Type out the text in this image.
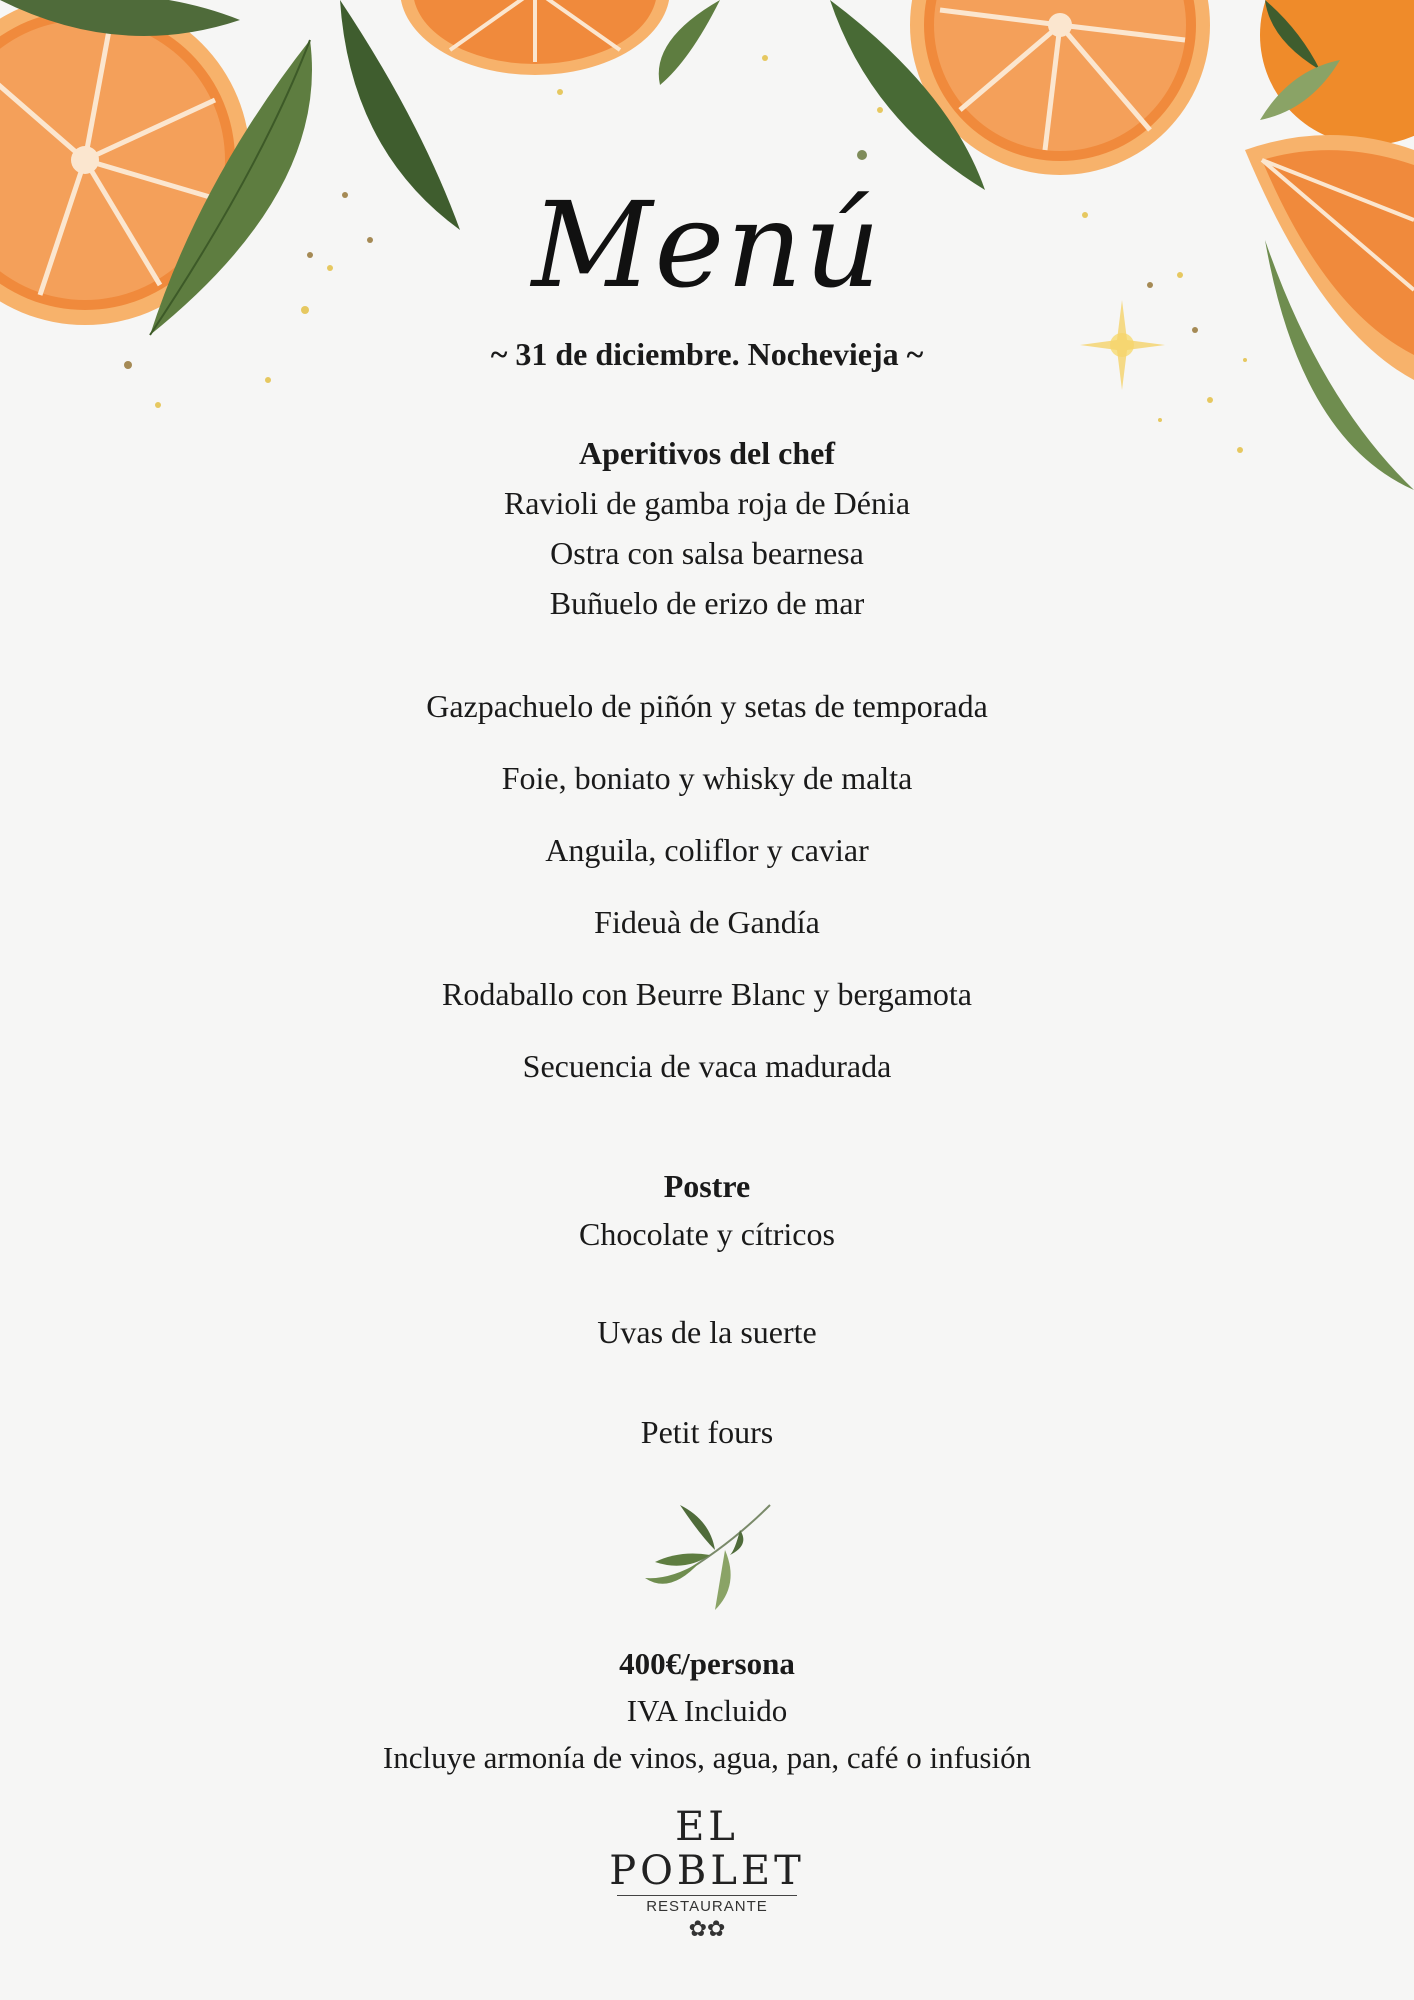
Menú
~ 31 de diciembre. Nochevieja ~
Aperitivos del chef
Ravioli de gamba roja de Dénia
Ostra con salsa bearnesa
Buñuelo de erizo de mar
Gazpachuelo de piñón y setas de temporada
Foie, boniato y whisky de malta
Anguila, coliflor y caviar
Fideuà de Gandía
Rodaballo con Beurre Blanc y bergamota
Secuencia de vaca madurada
Postre
Chocolate y cítricos
Uvas de la suerte
Petit fours
400€/persona
IVA Incluido
Incluye armonía de vinos, agua, pan, café o infusión
EL POBLET
RESTAURANTE
✿✿
